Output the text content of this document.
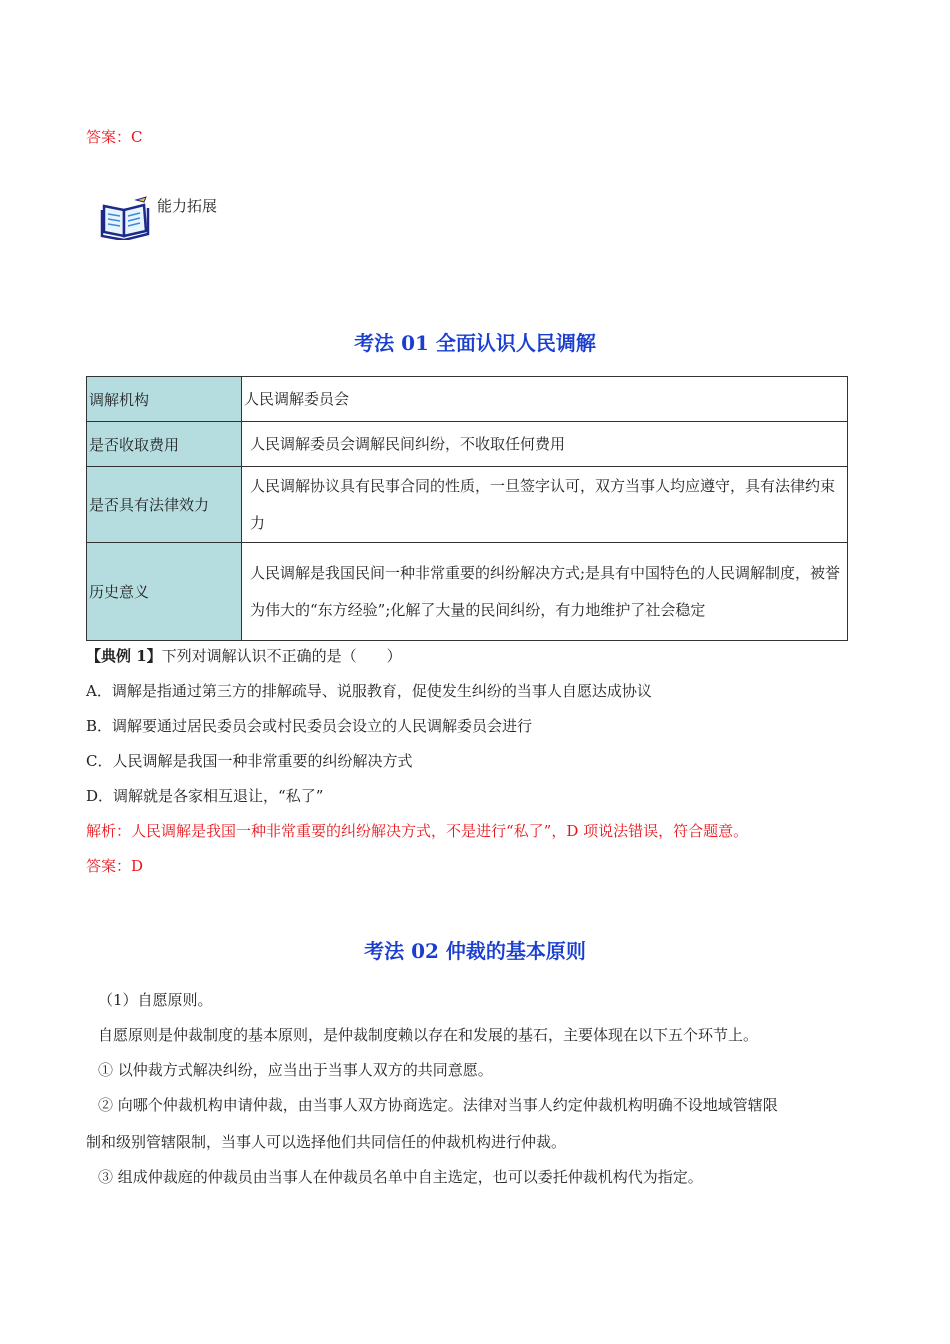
答案：C
能力拓展
考法 01 全面认识人民调解
调解机构	人民调解委员会
是否收取费用	人民调解委员会调解民间纠纷，不收取任何费用
是否具有法律效力	人民调解协议具有民事合同的性质，一旦签字认可，双方当事人均应遵守，具有法律约束力
历史意义	人民调解是我国民间一种非常重要的纠纷解决方式;是具有中国特色的人民调解制度，被誉为伟大的“东方经验”;化解了大量的民间纠纷，有力地维护了社会稳定
【典例 1】下列对调解认识不正确的是（　　）
A．调解是指通过第三方的排解疏导、说服教育，促使发生纠纷的当事人自愿达成协议
B．调解要通过居民委员会或村民委员会设立的人民调解委员会进行
C．人民调解是我国一种非常重要的纠纷解决方式
D．调解就是各家相互退让，“私了”
解析：人民调解是我国一种非常重要的纠纷解决方式，不是进行“私了”，D 项说法错误，符合题意。
答案：D
考法 02 仲裁的基本原则
（1）自愿原则。
自愿原则是仲裁制度的基本原则，是仲裁制度赖以存在和发展的基石，主要体现在以下五个环节上。
① 以仲裁方式解决纠纷，应当出于当事人双方的共同意愿。
② 向哪个仲裁机构申请仲裁，由当事人双方协商选定。法律对当事人约定仲裁机构明确不设地域管辖限
制和级别管辖限制，当事人可以选择他们共同信任的仲裁机构进行仲裁。
③ 组成仲裁庭的仲裁员由当事人在仲裁员名单中自主选定，也可以委托仲裁机构代为指定。
